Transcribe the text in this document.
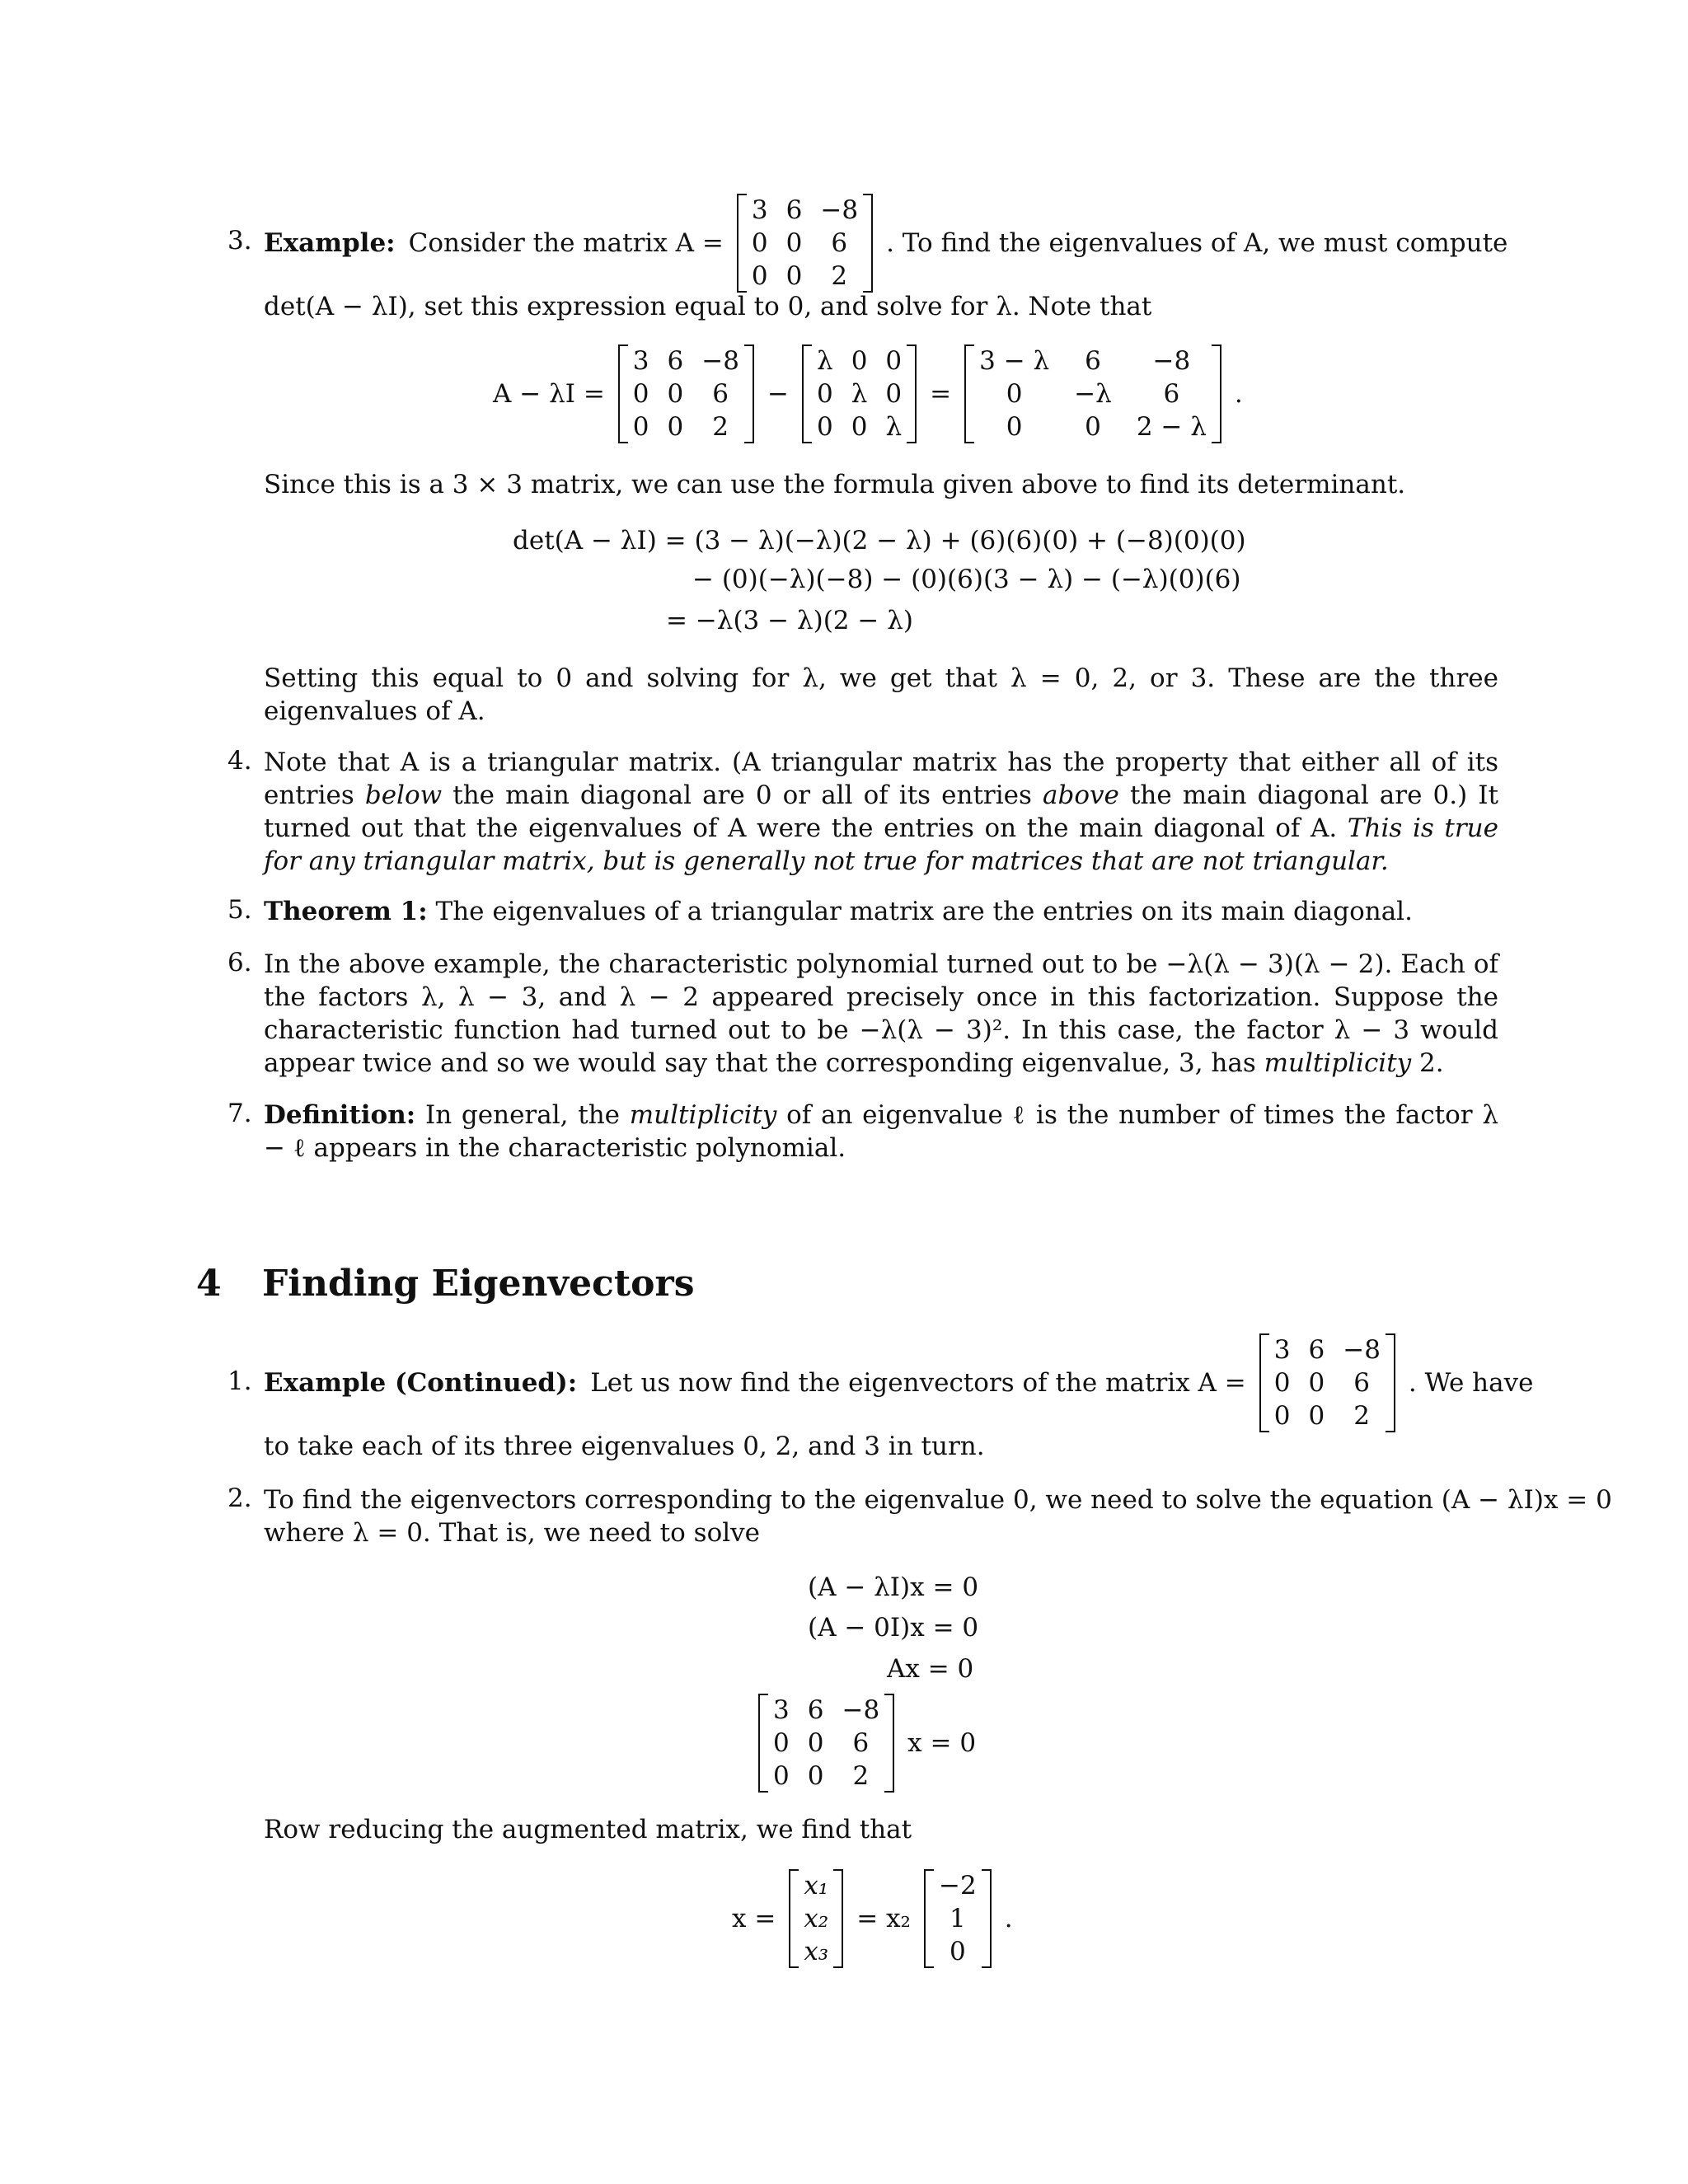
3. Example: Consider the matrix A =
3 6 −8
0 0	6
0 0	2
. To find the eigenvalues of A, we must compute
det(A − λI), set this expression equal to 0, and solve for λ. Note that
A − λI =
3 6 −8
0 0	6
0 0	2
−
λ 0 0
0 λ 0
0 0 λ
=
3 − λ	6	−8
0	−λ	6
0	0	2 − λ
.
Since this is a 3 × 3 matrix, we can use the formula given above to find its determinant.
det(A − λI) = (3 − λ)(−λ)(2 − λ) + (6)(6)(0) + (−8)(0)(0)
− (0)(−λ)(−8) − (0)(6)(3 − λ) − (−λ)(0)(6)
= −λ(3 − λ)(2 − λ)
Setting this equal to 0 and solving for λ, we get that λ = 0, 2, or 3. These are the three eigenvalues of A.
4. Note that A is a triangular matrix. (A triangular matrix has the property that either all of its entries below the main diagonal are 0 or all of its entries above the main diagonal are 0.) It turned out that the eigenvalues of A were the entries on the main diagonal of A. This is true for any triangular matrix, but is generally not true for matrices that are not triangular.
5. Theorem 1: The eigenvalues of a triangular matrix are the entries on its main diagonal.
6. In the above example, the characteristic polynomial turned out to be −λ(λ − 3)(λ − 2). Each of the factors λ, λ − 3, and λ − 2 appeared precisely once in this factorization. Suppose the characteristic function had turned out to be −λ(λ − 3)². In this case, the factor λ − 3 would appear twice and so we would say that the corresponding eigenvalue, 3, has multiplicity 2.
7. Definition: In general, the multiplicity of an eigenvalue ℓ is the number of times the factor λ − ℓ appears in the characteristic polynomial.
4 Finding Eigenvectors
1. Example (Continued): Let us now find the eigenvectors of the matrix A =
3 6 −8
0 0	6
0 0	2
. We have
to take each of its three eigenvalues 0, 2, and 3 in turn.
2. To find the eigenvectors corresponding to the eigenvalue 0, we need to solve the equation (A − λI)x = 0
where λ = 0. That is, we need to solve
(A − λI)x = 0
(A − 0I)x = 0
Ax = 0
3 6 −8
0 0	6
0 0	2
x = 0
Row reducing the augmented matrix, we find that
x =
x₁
x₂
x₃
= x₂
−2
1
0
.
